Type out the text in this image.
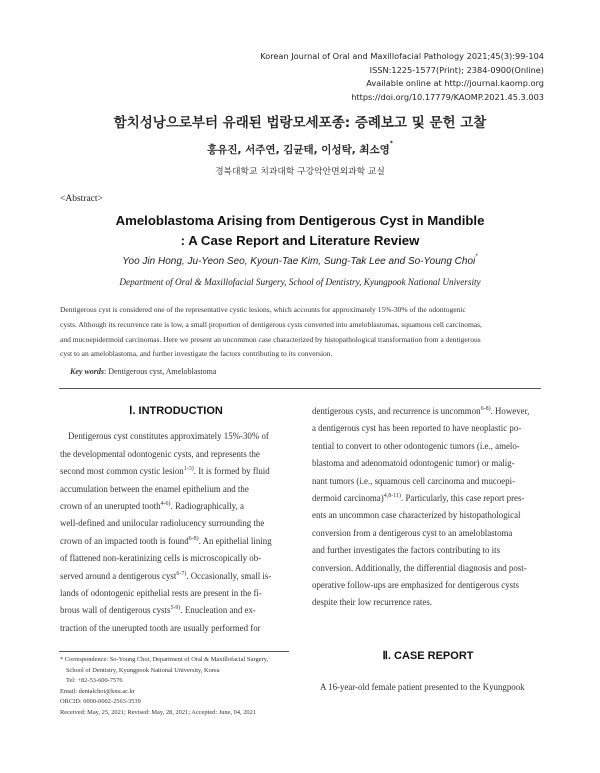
Korean Journal of Oral and Maxillofacial Pathology 2021;45(3):99-104
ISSN:1225-1577(Print); 2384-0900(Online)
Available online at http://journal.kaomp.org
https://doi.org/10.17779/KAOMP.2021.45.3.003
함치성낭으로부터 유래된 법랑모세포종: 증례보고 및 문헌 고찰
홍유진, 서주연, 김균태, 이성탁, 최소영*
경북대학교 치과대학 구강악안면외과학 교실
<Abstract>
Ameloblastoma Arising from Dentigerous Cyst in Mandible
: A Case Report and Literature Review
Yoo Jin Hong, Ju-Yeon Seo, Kyoun-Tae Kim, Sung-Tak Lee and So-Young Choi*
Department of Oral & Maxillofacial Surgery, School of Dentistry, Kyungpook National University
Dentigerous cyst is considered one of the representative cystic lesions, which accounts for approximately 15%-30% of the odontogenic
cysts. Although its recurrence rate is low, a small proportion of dentigerous cysts converted into ameloblastomas, squamous cell carcinomas,
and mucoepidermoid carcinomas. Here we present an uncommon case characterized by histopathological transformation from a dentigerous
cyst to an ameloblastoma, and further investigate the factors contributing to its conversion.
Key words: Dentigerous cyst, Ameloblastoma
Ⅰ. INTRODUCTION
Dentigerous cyst constitutes approximately 15%-30% of
the developmental odontogenic cysts, and represents the
second most common cystic lesion$^{1-3)}$. It is formed by fluid
accumulation between the enamel epithelium and the
crown of an unerupted tooth$^{4-6)}$. Radiographically, a
well-defined and unilocular radiolucency surrounding the
crown of an impacted tooth is found$^{6-8)}$. An epithelial lining
of flattened non-keratinizing cells is microscopically ob-
served around a dentigerous cyst$^{6-7)}$. Occasionally, small is-
lands of odontogenic epithelial rests are present in the fi-
brous wall of dentigerous cysts$^{5-9)}$. Enucleation and ex-
traction of the unerupted tooth are usually performed for
dentigerous cysts, and recurrence is uncommon$^{6-8)}$. However,
a dentigerous cyst has been reported to have neoplastic po-
tential to convert to other odontogenic tumors (i.e., amelo-
blastoma and adenomatoid odontogenic tumor) or malig-
nant tumors (i.e., squamous cell carcinoma and mucoepi-
dermoid carcinoma)$^{4,8-11)}$. Particularly, this case report pres-
ents an uncommon case characterized by histopathological
conversion from a dentigerous cyst to an ameloblastoma
and further investigates the factors contributing to its
conversion. Additionally, the differential diagnosis and post-
operative follow-ups are emphasized for dentigerous cysts
despite their low recurrence rates.
Ⅱ. CASE REPORT
A 16-year-old female patient presented to the Kyungpook
* Correspondence: So-Young Choi, Department of Oral & Maxillofacial Surgery,
School of Dentistry, Kyungpook National University, Korea
Tel: +82-53-600-7576
Email: dentalchoi@knu.ac.kr
ORCID: 0000-0002-2563-3539
Received: May, 25, 2021; Revised: May, 28, 2021; Accepted: June, 04, 2021
